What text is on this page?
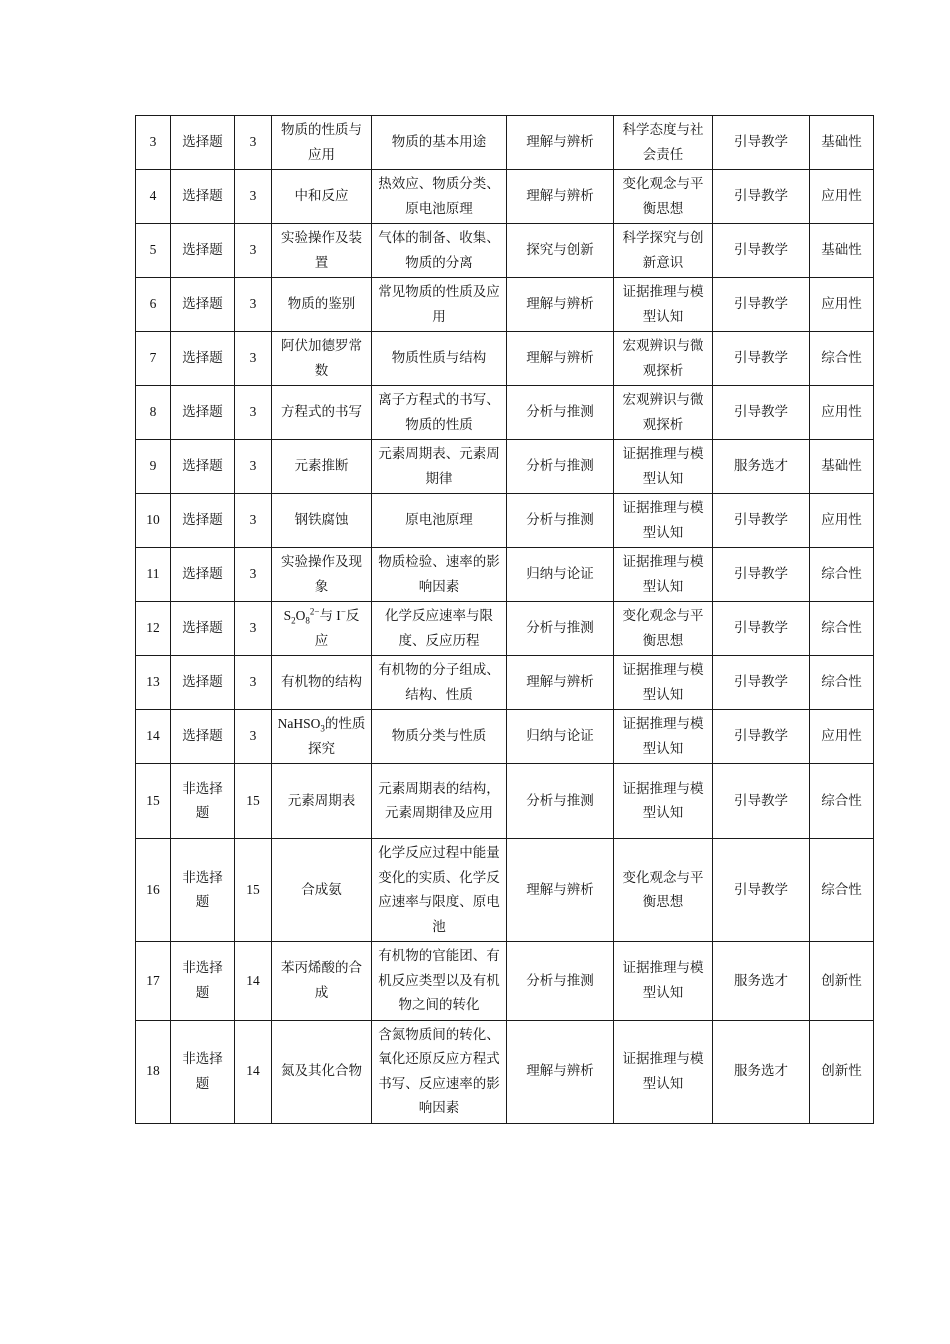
3	选择题	3	物质的性质与应用	物质的基本用途	理解与辨析	科学态度与社会责任	引导教学	基础性
4	选择题	3	中和反应	热效应、物质分类、原电池原理	理解与辨析	变化观念与平衡思想	引导教学	应用性
5	选择题	3	实验操作及装置	气体的制备、收集、物质的分离	探究与创新	科学探究与创新意识	引导教学	基础性
6	选择题	3	物质的鉴别	常见物质的性质及应用	理解与辨析	证据推理与模型认知	引导教学	应用性
7	选择题	3	阿伏加德罗常数	物质性质与结构	理解与辨析	宏观辨识与微观探析	引导教学	综合性
8	选择题	3	方程式的书写	离子方程式的书写、物质的性质	分析与推测	宏观辨识与微观探析	引导教学	应用性
9	选择题	3	元素推断	元素周期表、元素周期律	分析与推测	证据推理与模型认知	服务选才	基础性
10	选择题	3	钢铁腐蚀	原电池原理	分析与推测	证据推理与模型认知	引导教学	应用性
11	选择题	3	实验操作及现象	物质检验、速率的影响因素	归纳与论证	证据推理与模型认知	引导教学	综合性
12	选择题	3	$S_2O_8^{2-}$与 I−反应	化学反应速率与限度、反应历程	分析与推测	变化观念与平衡思想	引导教学	综合性
13	选择题	3	有机物的结构	有机物的分子组成、结构、性质	理解与辨析	证据推理与模型认知	引导教学	综合性
14	选择题	3	NaHSO$_3$的性质探究	物质分类与性质	归纳与论证	证据推理与模型认知	引导教学	应用性
15	非选择题	15	元素周期表	元素周期表的结构，元素周期律及应用	分析与推测	证据推理与模型认知	引导教学	综合性
16	非选择题	15	合成氨	化学反应过程中能量变化的实质、化学反应速率与限度、原电池	理解与辨析	变化观念与平衡思想	引导教学	综合性
17	非选择题	14	苯丙烯酸的合成	有机物的官能团、有机反应类型以及有机物之间的转化	分析与推测	证据推理与模型认知	服务选才	创新性
18	非选择题	14	氮及其化合物	含氮物质间的转化、氧化还原反应方程式书写、反应速率的影响因素	理解与辨析	证据推理与模型认知	服务选才	创新性
